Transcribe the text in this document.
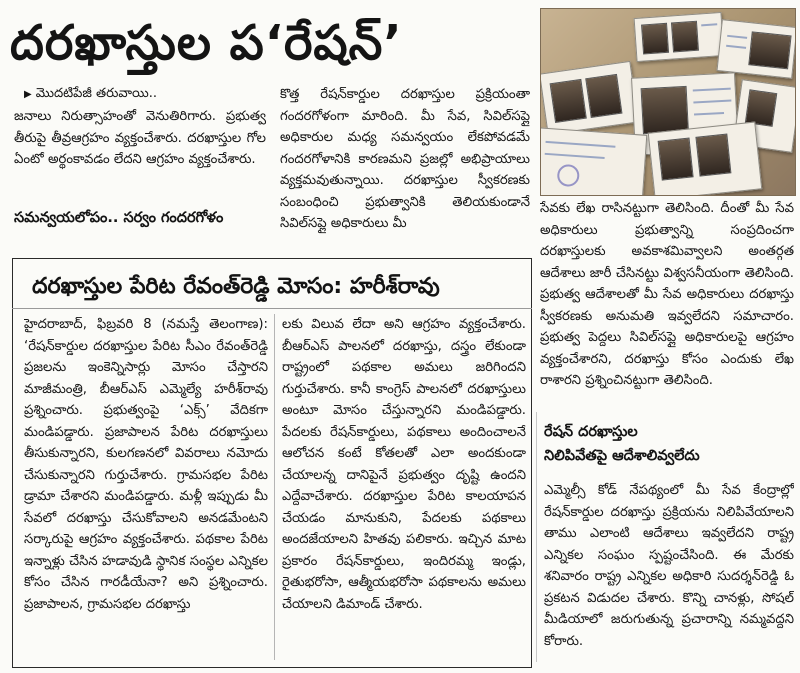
దరఖాస్తుల ప‘రేషన్‌’
▶ మొదటిపేజీ తరువాయి..

జనాలు నిరుత్సాహంతో వెనుతిరిగారు. ప్రభుత్వ తీరుపై తీవ్రఆగ్రహం వ్యక్తంచేశారు. దరఖాస్తుల గోల ఏంటో అర్థంకావడం లేదని ఆగ్రహం వ్యక్తంచేశారు.

సమన్వయలోపం.. సర్వం గందరగోళం

కొత్త రేషన్‌కార్డుల దరఖాస్తుల ప్రక్రియంతా గందరగోళంగా మారింది. మీ సేవ, సివిల్‌సప్లై అధికారుల మధ్య సమన్వయం లేకపోవడమే గందరగోళానికి కారణమని ప్రజల్లో అభిప్రాయాలు వ్యక్తమవుతున్నాయి. దరఖాస్తుల స్వీకరణకు సంబంధించి ప్రభుత్వానికి తెలియకుండానే సివిల్‌సప్లై అధికారులు మీ

దరఖాస్తుల పేరిట రేవంత్‌రెడ్డి మోసం: హరీశ్‌రావు

హైదరాబాద్‌, ఫిబ్రవరి 8 (నమస్తే తెలంగాణ): ‘రేషన్‌కార్డుల దరఖాస్తుల పేరిట సీఎం రేవంత్‌రెడ్డి ప్రజలను ఇంకెన్నిసార్లు మోసం చేస్తారని మాజీమంత్రి, బీఆర్‌ఎస్‌ ఎమ్మెల్యే హరీశ్‌రావు ప్రశ్నించారు. ప్రభుత్వంపై ‘ఎక్స్‌’ వేదికగా మండిపడ్డారు. ప్రజాపాలన పేరిట దరఖాస్తులు తీసుకున్నారని, కులగణనలో వివరాలు నమోదు చేసుకున్నారని గుర్తుచేశారు. గ్రామసభల పేరిట డ్రామా చేశారని మండిపడ్డారు. మళ్లీ ఇప్పుడు మీ సేవలో దరఖాస్తు చేసుకోవాలని అనడమేంటని సర్కారుపై ఆగ్రహం వ్యక్తంచేశారు. పథకాల పేరిట ఇన్నాళ్లు చేసిన హడావుడి స్థానిక సంస్థల ఎన్నికల కోసం చేసిన గారడీయేనా? అని ప్రశ్నించారు. ప్రజాపాలన, గ్రామసభల దరఖాస్తు

లకు విలువ లేదా అని ఆగ్రహం వ్యక్తంచేశారు. బీఆర్‌ఎస్‌ పాలనలో దరఖాస్తు, దస్త్రం లేకుండా రాష్ట్రంలో పథకాల అమలు జరిగిందని గుర్తుచేశారు. కానీ కాంగ్రెస్‌ పాలనలో దరఖాస్తులు అంటూ మోసం చేస్తున్నారని మండిపడ్డారు. పేదలకు రేషన్‌కార్డులు, పథకాలు అందించాలనే ఆలోచన కంటే కోతలతో ఎలా అందకుండా చేయాలన్న దానిపైనే ప్రభుత్వం దృష్టి ఉందని ఎద్దేవాచేశారు. దరఖాస్తుల పేరిట కాలయాపన చేయడం మానుకుని, పేదలకు పథకాలు అందజేయాలని హితవు పలికారు. ఇచ్చిన మాట ప్రకారం రేషన్‌కార్డులు, ఇందిరమ్మ ఇండ్లు, రైతుభరోసా, ఆత్మీయభరోసా పథకాలను అమలు చేయాలని డిమాండ్‌ చేశారు.

సేవకు లేఖ రాసినట్టుగా తెలిసింది. దీంతో మీ సేవ అధికారులు ప్రభుత్వాన్ని సంప్రదించగా దరఖాస్తులకు అవకాశమివ్వాలని అంతర్గత ఆదేశాలు జారీ చేసినట్టు విశ్వసనీయంగా తెలిసింది. ప్రభుత్వ ఆదేశాలతో మీ సేవ అధికారులు దరఖాస్తు స్వీకరణకు అనుమతి ఇవ్వలేదని సమాచారం. ప్రభుత్వ పెద్దలు సివిల్‌సప్లై అధికారులపై ఆగ్రహం వ్యక్తంచేశారని, దరఖాస్తు కోసం ఎందుకు లేఖ రాశారని ప్రశ్నించినట్టుగా తెలిసింది.

రేషన్‌ దరఖాస్తుల
నిలిపివేతపై ఆదేశాలివ్వలేదు

ఎమ్మెల్సీ కోడ్‌ నేపథ్యంలో మీ సేవ కేంద్రాల్లో రేషన్‌కార్డుల దరఖాస్తు ప్రక్రియను నిలిపివేయాలని తాము ఎలాంటి ఆదేశాలు ఇవ్వలేదని రాష్ట్ర ఎన్నికల సంఘం స్పష్టంచేసింది. ఈ మేరకు శనివారం రాష్ట్ర ఎన్నికల అధికారి సుదర్శన్‌రెడ్డి ఓ ప్రకటన విడుదల చేశారు. కొన్ని చానళ్లు, సోషల్‌ మీడియాలో జరుగుతున్న ప్రచారాన్ని నమ్మవద్దని కోరారు.
